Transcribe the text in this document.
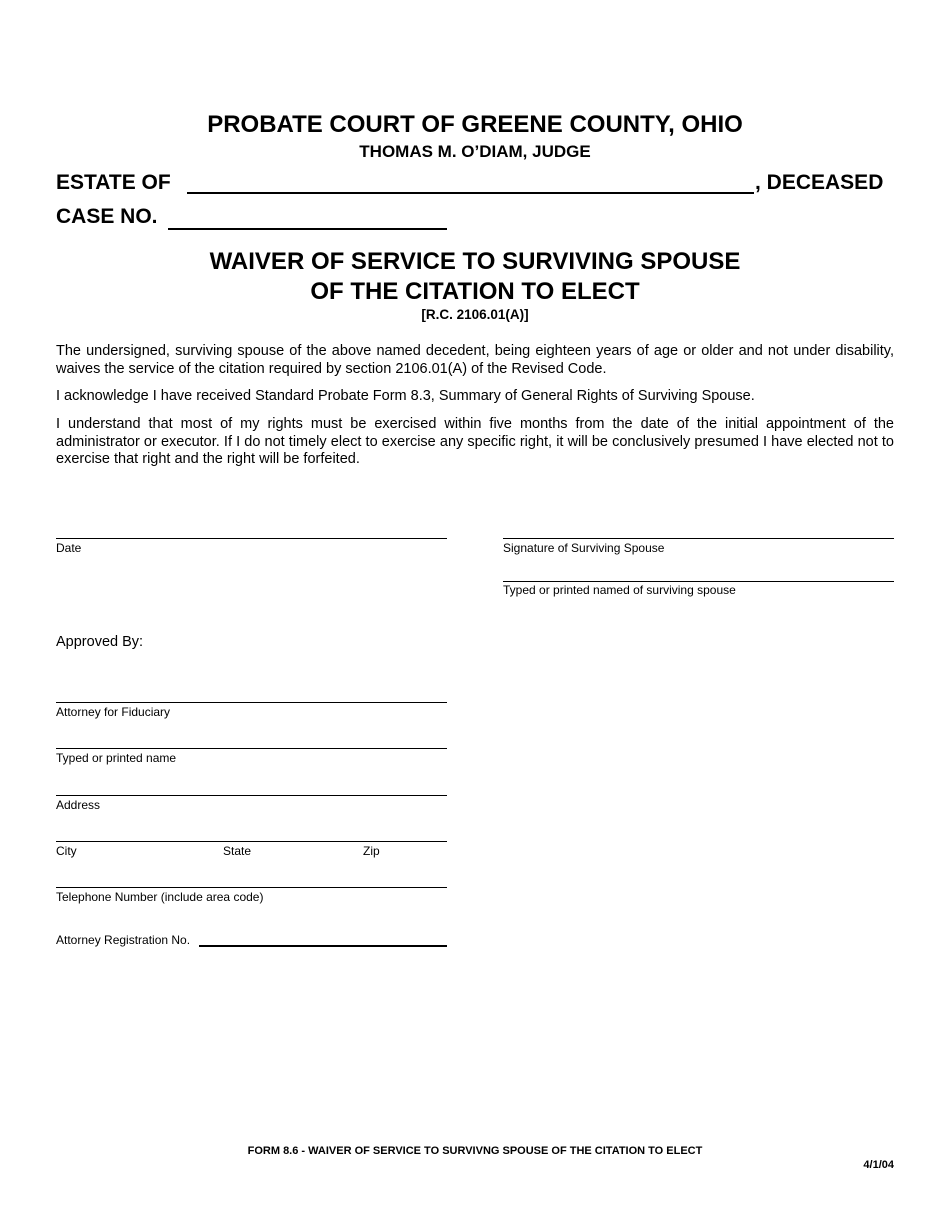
PROBATE COURT OF GREENE COUNTY, OHIO
THOMAS M. O’DIAM, JUDGE
ESTATE OF	, DECEASED
CASE NO.
WAIVER OF SERVICE TO SURVIVING SPOUSE
OF THE CITATION TO ELECT
[R.C. 2106.01(A)]

The undersigned, surviving spouse of the above named decedent, being eighteen years of age or older and not under disability, waives the service of the citation required by section 2106.01(A) of the Revised Code.

I acknowledge I have received Standard Probate Form 8.3, Summary of General Rights of Surviving Spouse.

I understand that most of my rights must be exercised within five months from the date of the initial appointment of the administrator or executor. If I do not timely elect to exercise any specific right, it will be conclusively presumed I have elected not to exercise that right and the right will be forfeited.

Date	Signature of Surviving Spouse
Typed or printed named of surviving spouse
Approved By:
Attorney for Fiduciary
Typed or printed name
Address
City	State	Zip
Telephone Number (include area code)
Attorney Registration No.
FORM 8.6 - WAIVER OF SERVICE TO SURVIVNG SPOUSE OF THE CITATION TO ELECT
4/1/04
